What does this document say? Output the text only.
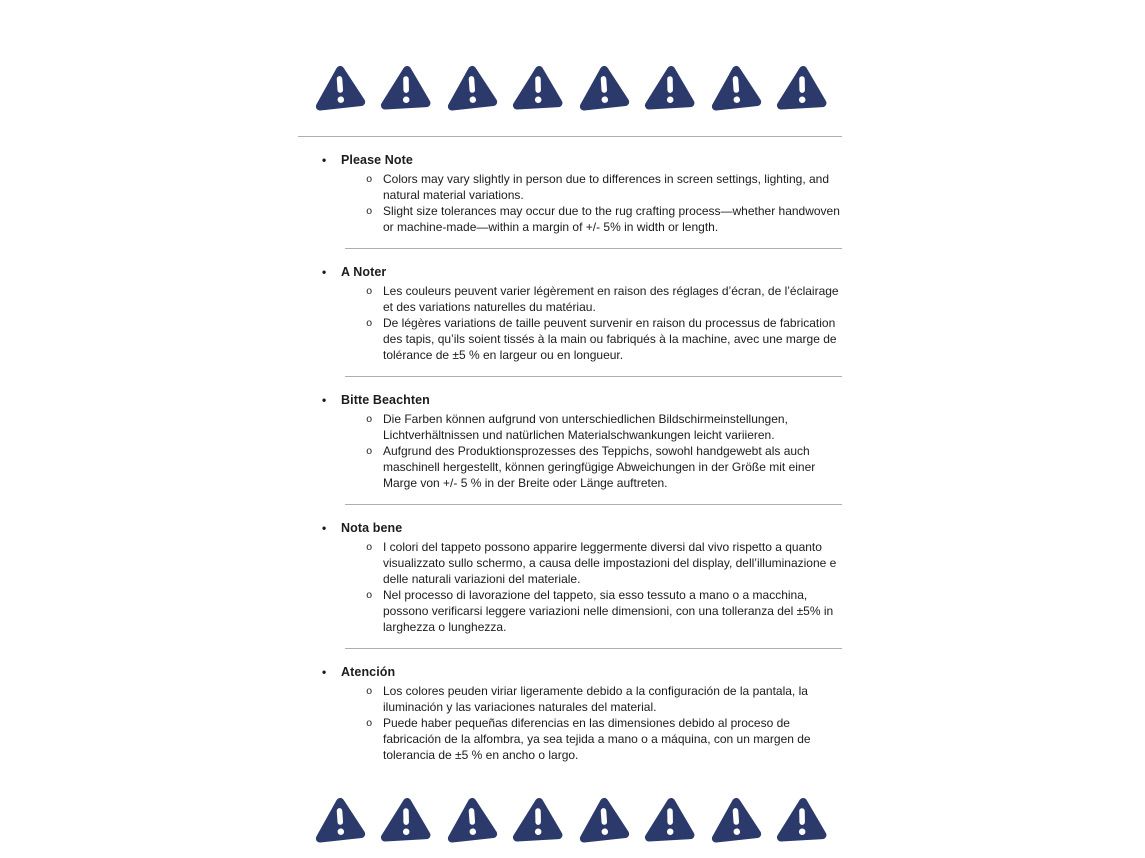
•	Please Note
o Colors may vary slightly in person due to differences in screen settings, lighting, and natural material variations.

o Slight size tolerances may occur due to the rug crafting process—whether handwoven or machine-made—within a margin of +/- 5% in width or length.

•	A Noter
o Les couleurs peuvent varier légèrement en raison des réglages d’écran, de l’éclairage et des variations naturelles du matériau.

o De légères variations de taille peuvent survenir en raison du processus de fabrication des tapis, qu’ils soient tissés à la main ou fabriqués à la machine, avec une marge de tolérance de ±5 % en largeur ou en longueur.

•	Bitte Beachten
o Die Farben können aufgrund von unterschiedlichen Bildschirmeinstellungen, Lichtverhältnissen und natürlichen Materialschwankungen leicht variieren.

o Aufgrund des Produktionsprozesses des Teppichs, sowohl handgewebt als auch maschinell hergestellt, können geringfügige Abweichungen in der Größe mit einer Marge von +/- 5 % in der Breite oder Länge auftreten.

•	Nota bene
o I colori del tappeto possono apparire leggermente diversi dal vivo rispetto a quanto visualizzato sullo schermo, a causa delle impostazioni del display, dell’illuminazione e delle naturali variazioni del materiale.

o Nel processo di lavorazione del tappeto, sia esso tessuto a mano o a macchina, possono verificarsi leggere variazioni nelle dimensioni, con una tolleranza del ±5% in larghezza o lunghezza.

•	Atención
o Los colores peuden viriar ligeramente debido a la configuración de la pantala, la iluminación y las variaciones naturales del material.

o Puede haber pequeñas diferencias en las dimensiones debido al proceso de fabricación de la alfombra, ya sea tejida a mano o a máquina, con un margen de tolerancia de ±5 % en ancho o largo.
